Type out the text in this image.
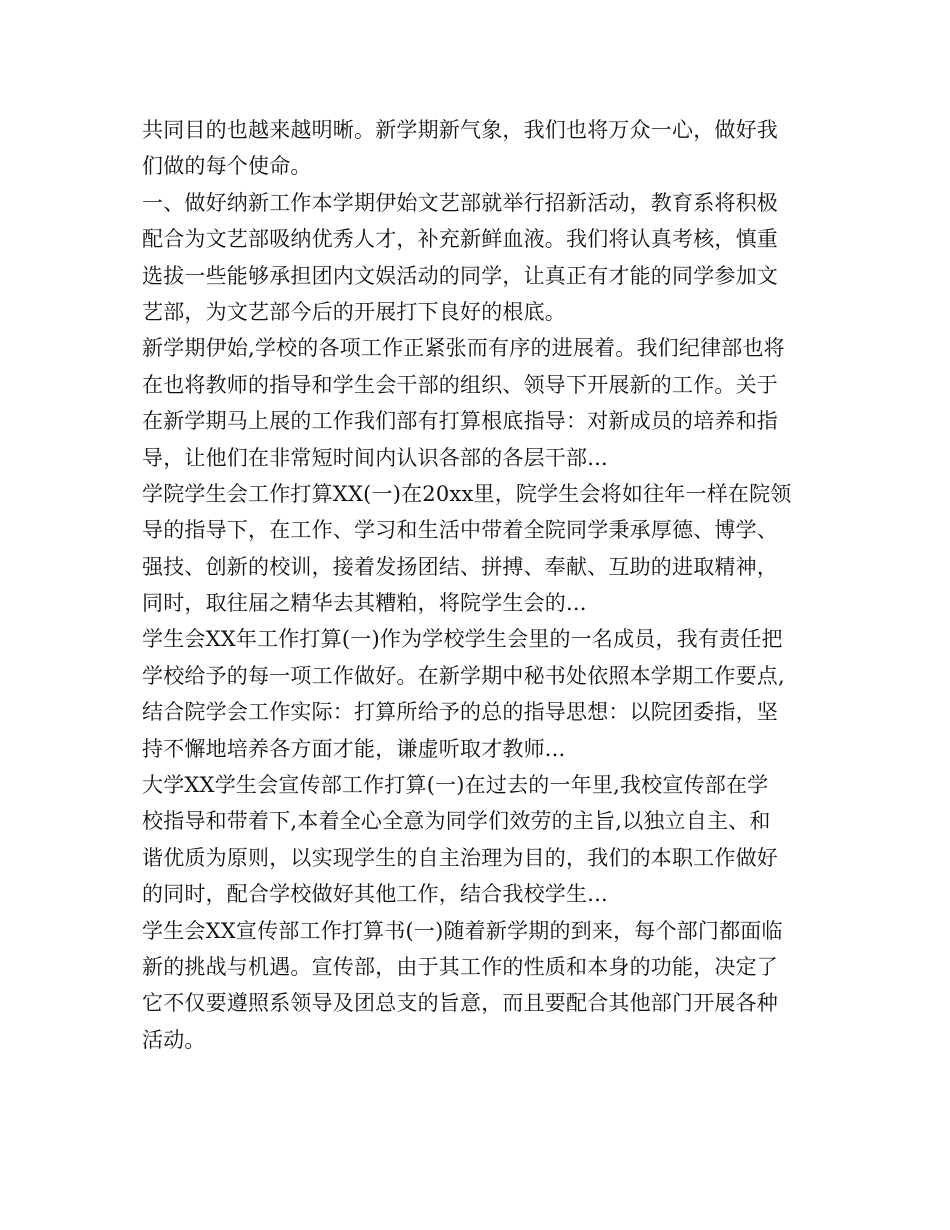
共同目的也越来越明晰。新学期新气象，我们也将万众一心，做好我
们做的每个使命。
一、做好纳新工作本学期伊始文艺部就举行招新活动，教育系将积极
配合为文艺部吸纳优秀人才，补充新鲜血液。我们将认真考核，慎重
选拔一些能够承担团内文娱活动的同学，让真正有才能的同学参加文
艺部，为文艺部今后的开展打下良好的根底。
新学期伊始,学校的各项工作正紧张而有序的进展着。我们纪律部也将
在也将教师的指导和学生会干部的组织、领导下开展新的工作。关于
在新学期马上展的工作我们部有打算根底指导：对新成员的培养和指
导，让他们在非常短时间内认识各部的各层干部...
学院学生会工作打算XX(一)在20xx里，院学生会将如往年一样在院领
导的指导下，在工作、学习和生活中带着全院同学秉承厚德、博学、
强技、创新的校训，接着发扬团结、拼搏、奉献、互助的进取精神，
同时，取往届之精华去其糟粕，将院学生会的...
学生会XX年工作打算(一)作为学校学生会里的一名成员，我有责任把
学校给予的每一项工作做好。在新学期中秘书处依照本学期工作要点,
结合院学会工作实际：打算所给予的总的指导思想：以院团委指，坚
持不懈地培养各方面才能，谦虚听取才教师...
大学XX学生会宣传部工作打算(一)在过去的一年里,我校宣传部在学
校指导和带着下,本着全心全意为同学们效劳的主旨,以独立自主、和
谐优质为原则，以实现学生的自主治理为目的，我们的本职工作做好
的同时，配合学校做好其他工作，结合我校学生...
学生会XX宣传部工作打算书(一)随着新学期的到来，每个部门都面临
新的挑战与机遇。宣传部，由于其工作的性质和本身的功能，决定了
它不仅要遵照系领导及团总支的旨意，而且要配合其他部门开展各种
活动。
